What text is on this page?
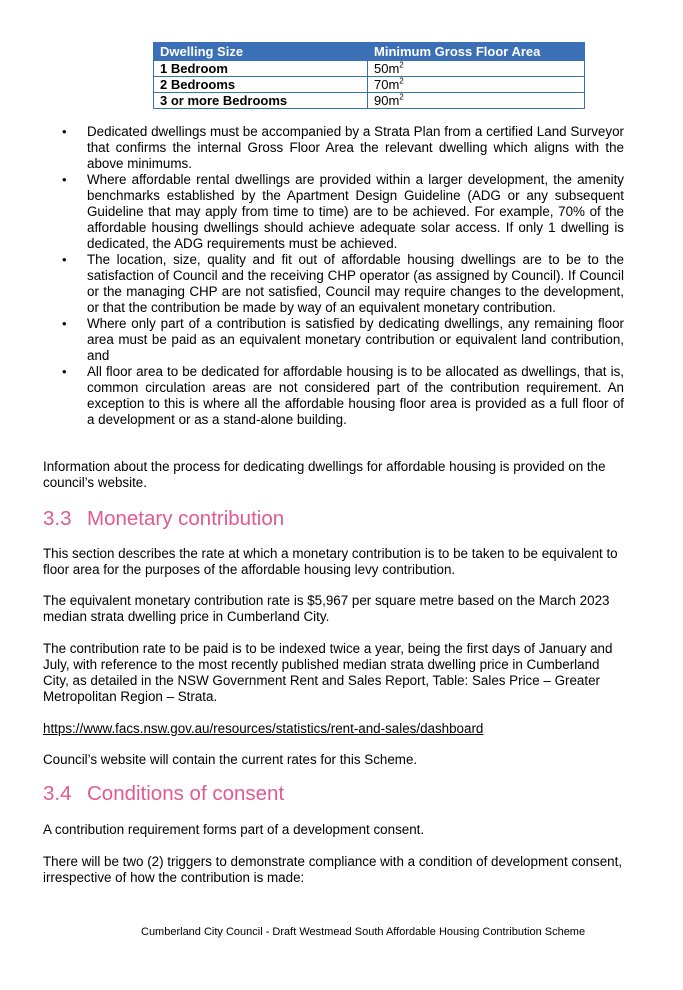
Dwelling Size	Minimum Gross Floor Area
1 Bedroom	$50m^2$
2 Bedrooms	$70m^2$
3 or more Bedrooms	$90m^2$
• Dedicated dwellings must be accompanied by a Strata Plan from a certified Land Surveyor that confirms the internal Gross Floor Area the relevant dwelling which aligns with the above minimums.
• Where affordable rental dwellings are provided within a larger development, the amenity benchmarks established by the Apartment Design Guideline (ADG or any subsequent Guideline that may apply from time to time) are to be achieved. For example, 70% of the affordable housing dwellings should achieve adequate solar access. If only 1 dwelling is dedicated, the ADG requirements must be achieved.
• The location, size, quality and fit out of affordable housing dwellings are to be to the satisfaction of Council and the receiving CHP operator (as assigned by Council). If Council or the managing CHP are not satisfied, Council may require changes to the development, or that the contribution be made by way of an equivalent monetary contribution.
• Where only part of a contribution is satisfied by dedicating dwellings, any remaining floor area must be paid as an equivalent monetary contribution or equivalent land contribution, and
• All floor area to be dedicated for affordable housing is to be allocated as dwellings, that is, common circulation areas are not considered part of the contribution requirement. An exception to this is where all the affordable housing floor area is provided as a full floor of a development or as a stand-alone building.

Information about the process for dedicating dwellings for affordable housing is provided on the council’s website.

3.3 Monetary contribution

This section describes the rate at which a monetary contribution is to be taken to be equivalent to floor area for the purposes of the affordable housing levy contribution.

The equivalent monetary contribution rate is $5,967 per square metre based on the March 2023 median strata dwelling price in Cumberland City.

The contribution rate to be paid is to be indexed twice a year, being the first days of January and July, with reference to the most recently published median strata dwelling price in Cumberland City, as detailed in the NSW Government Rent and Sales Report, Table: Sales Price – Greater Metropolitan Region – Strata.

https://www.facs.nsw.gov.au/resources/statistics/rent-and-sales/dashboard

Council’s website will contain the current rates for this Scheme.

3.4 Conditions of consent

A contribution requirement forms part of a development consent.

There will be two (2) triggers to demonstrate compliance with a condition of development consent, irrespective of how the contribution is made:

Cumberland City Council - Draft Westmead South Affordable Housing Contribution Scheme
